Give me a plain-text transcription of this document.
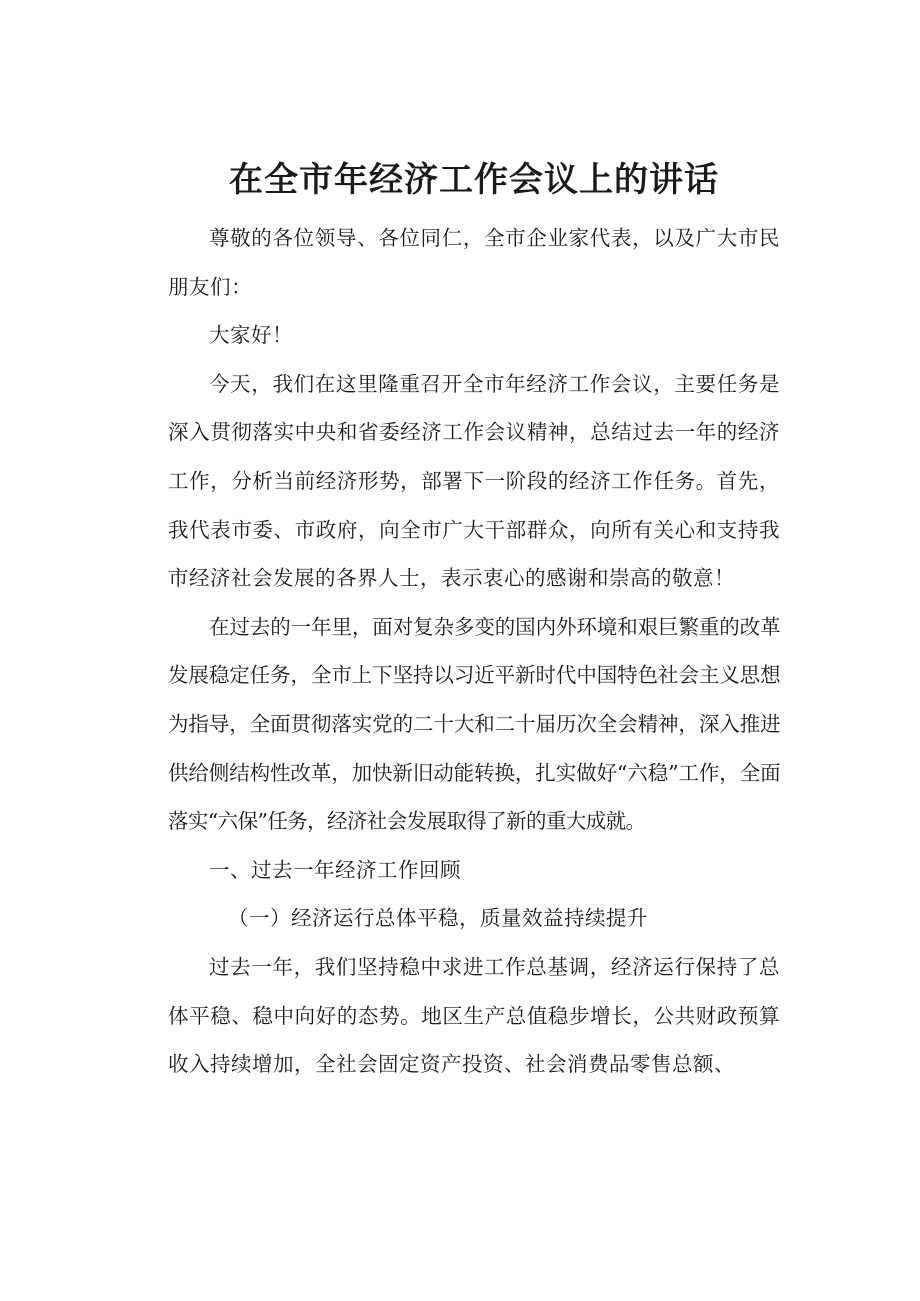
在全市年经济工作会议上的讲话

尊敬的各位领导、各位同仁，全市企业家代表，以及广大市民朋友们：

大家好！

今天，我们在这里隆重召开全市年经济工作会议，主要任务是深入贯彻落实中央和省委经济工作会议精神，总结过去一年的经济工作，分析当前经济形势，部署下一阶段的经济工作任务。首先，我代表市委、市政府，向全市广大干部群众，向所有关心和支持我市经济社会发展的各界人士，表示衷心的感谢和崇高的敬意！

在过去的一年里，面对复杂多变的国内外环境和艰巨繁重的改革发展稳定任务，全市上下坚持以习近平新时代中国特色社会主义思想为指导，全面贯彻落实党的二十大和二十届历次全会精神，深入推进供给侧结构性改革，加快新旧动能转换，扎实做好“六稳”工作，全面落实“六保”任务，经济社会发展取得了新的重大成就。

一、过去一年经济工作回顾

（一）经济运行总体平稳，质量效益持续提升

过去一年，我们坚持稳中求进工作总基调，经济运行保持了总体平稳、稳中向好的态势。地区生产总值稳步增长，公共财政预算收入持续增加，全社会固定资产投资、社会消费品零售总额、
